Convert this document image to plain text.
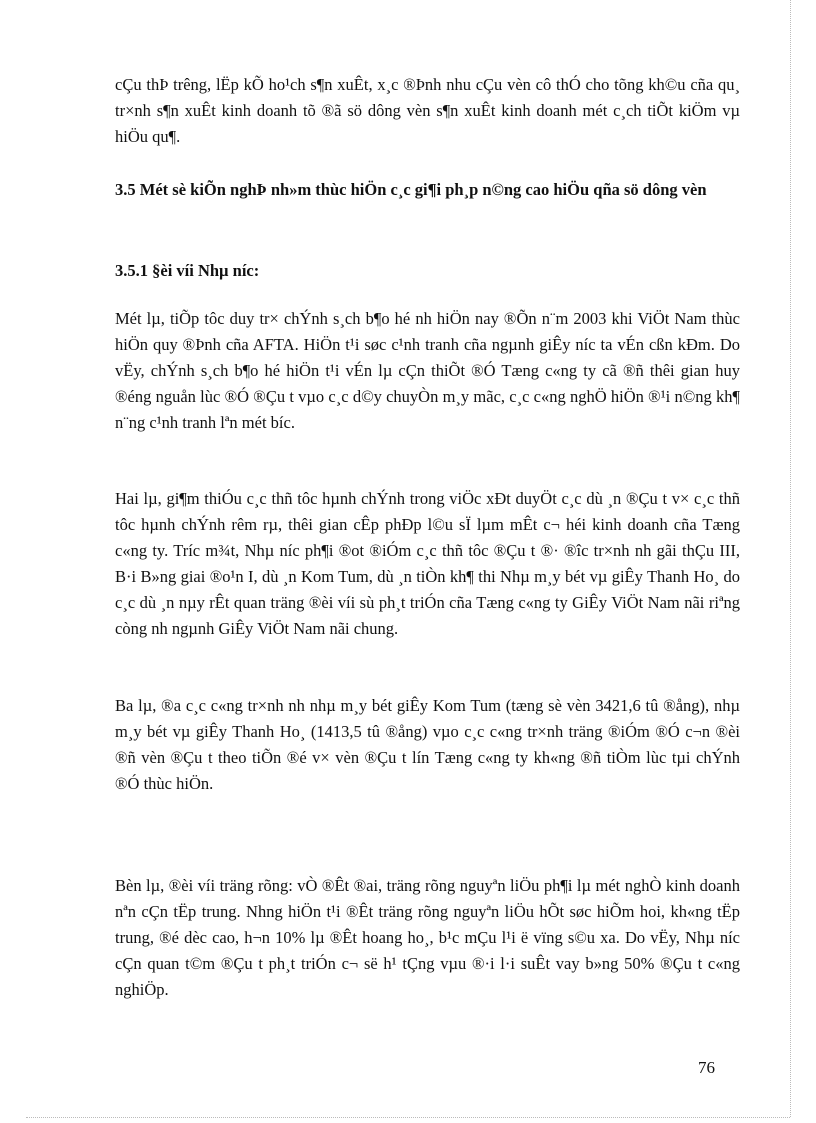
cÇu thÞ trêng, lËp kÕ ho¹ch s¶n xuÊt, x¸c ®Þnh nhu cÇu vèn cô thÓ cho tõng kh©u cña qu¸ tr×nh s¶n xuÊt kinh doanh tõ ®ã sö dông vèn s¶n xuÊt kinh doanh mét c¸ch tiÕt kiÖm vµ hiÖu qu¶.

3.5 Mét sè kiÕn nghÞ nh»m thùc hiÖn c¸c gi¶i ph¸p n©ng cao hiÖu qña sö dông vèn
3.5.1 §èi víi Nhµ níc:

Mét lµ, tiÕp tôc duy tr× chÝnh s¸ch b¶o hé nh hiÖn nay ®Õn n¨m 2003 khi ViÖt Nam thùc hiÖn quy ®Þnh cña AFTA. HiÖn t¹i søc c¹nh tranh cña ngµnh giÊy níc ta vÉn cßn kÐm. Do vËy, chÝnh s¸ch b¶o hé hiÖn t¹i vÉn lµ cÇn thiÕt ®Ó Tæng c«ng ty cã ®ñ thêi gian huy ®éng nguån lùc ®Ó ®Çu t vµo c¸c d©y chuyÒn m¸y mãc, c¸c c«ng nghÖ hiÖn ®¹i n©ng kh¶ n¨ng c¹nh tranh lªn mét bíc.

Hai lµ, gi¶m thiÓu c¸c thñ tôc hµnh chÝnh trong viÖc xÐt duyÖt c¸c dù ¸n ®Çu t v× c¸c thñ tôc hµnh chÝnh rêm rµ, thêi gian cÊp phÐp l©u sÏ lµm mÊt c¬ héi kinh doanh cña Tæng c«ng ty. Tríc m¾t, Nhµ níc ph¶i ®ot ®iÓm c¸c thñ tôc ®Çu t ®· ®îc tr×nh nh gãi thÇu III, B·i B»ng giai ®o¹n I, dù ¸n Kom Tum, dù ¸n tiÒn kh¶ thi Nhµ m¸y bét vµ giÊy Thanh Ho¸ do c¸c dù ¸n nµy rÊt quan träng ®èi víi sù ph¸t triÓn cña Tæng c«ng ty GiÊy ViÖt Nam nãi riªng còng nh ngµnh GiÊy ViÖt Nam nãi chung.

Ba lµ, ®a c¸c c«ng tr×nh nh nhµ m¸y bét giÊy Kom Tum (tæng sè vèn 3421,6 tû ®ång), nhµ m¸y bét vµ giÊy Thanh Ho¸ (1413,5 tû ®ång) vµo c¸c c«ng tr×nh träng ®iÓm ®Ó c¬n ®èi ®ñ vèn ®Çu t theo tiÕn ®é v× vèn ®Çu t lín Tæng c«ng ty kh«ng ®ñ tiÒm lùc tµi chÝnh ®Ó thùc hiÖn.

Bèn lµ, ®èi víi träng rõng: vÒ ®Êt ®ai, träng rõng nguyªn liÖu ph¶i lµ mét nghÒ kinh doanh nªn cÇn tËp trung. Nhng hiÖn t¹i ®Êt träng rõng nguyªn liÖu hÕt søc hiÕm hoi, kh«ng tËp trung, ®é dèc cao, h¬n 10% lµ ®Êt hoang ho¸, b¹c mÇu l¹i ë vïng s©u xa. Do vËy, Nhµ níc cÇn quan t©m ®Çu t ph¸t triÓn c¬ së h¹ tÇng vµu ®·i l·i suÊt vay b»ng 50% ®Çu t c«ng nghiÖp.

76
